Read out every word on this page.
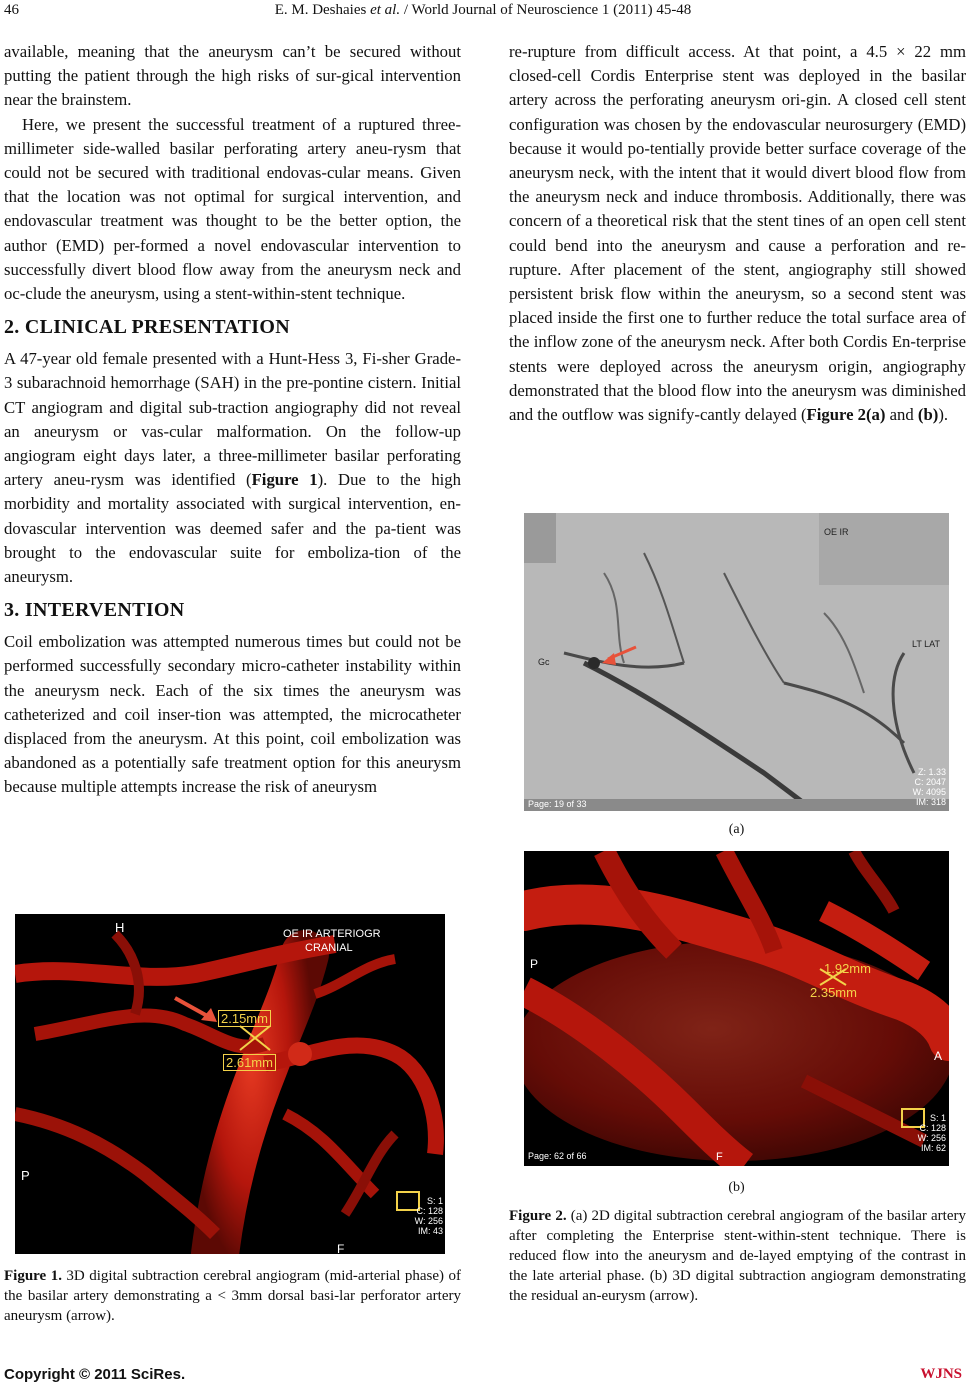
46	E. M. Deshaies et al. / World Journal of Neuroscience 1 (2011) 45-48

available, meaning that the aneurysm can’t be secured without putting the patient through the high risks of sur-gical intervention near the brainstem.

Here, we present the successful treatment of a ruptured three-millimeter side-walled basilar perforating artery aneu-rysm that could not be secured with traditional endovas-cular means. Given that the location was not optimal for surgical intervention, and endovascular treatment was thought to be the better option, the author (EMD) per-formed a novel endovascular intervention to successfully divert blood flow away from the aneurysm neck and oc-clude the aneurysm, using a stent-within-stent technique.

2. CLINICAL PRESENTATION

A 47-year old female presented with a Hunt-Hess 3, Fi-sher Grade-3 subarachnoid hemorrhage (SAH) in the pre-pontine cistern. Initial CT angiogram and digital sub-traction angiography did not reveal an aneurysm or vas-cular malformation. On the follow-up angiogram eight days later, a three-millimeter basilar perforating artery aneu-rysm was identified (Figure 1). Due to the high morbidity and mortality associated with surgical intervention, en-dovascular intervention was deemed safer and the pa-tient was brought to the endovascular suite for emboliza-tion of the aneurysm.

3. INTERVENTION

Coil embolization was attempted numerous times but could not be performed successfully secondary micro-catheter instability within the aneurysm neck. Each of the six times the aneurysm was catheterized and coil inser-tion was attempted, the microcatheter displaced from the aneurysm. At this point, coil embolization was abandoned as a potentially safe treatment option for this aneurysm because multiple attempts increase the risk of aneurysm

H	OE IR ARTERIOGR
CRANIAL
2.15mm
2.61mm
P
F
S: 1
C: 128
W: 256
IM: 43
Figure 1. 3D digital subtraction cerebral angiogram (mid-arterial phase) of the basilar artery demonstrating a < 3mm dorsal basi-lar perforator artery aneurysm (arrow).

re-rupture from difficult access. At that point, a 4.5 × 22 mm closed-cell Cordis Enterprise stent was deployed in the basilar artery across the perforating aneurysm ori-gin. A closed cell stent configuration was chosen by the endovascular neurosurgery (EMD) because it would po-tentially provide better surface coverage of the aneurysm neck, with the intent that it would divert blood flow from the aneurysm neck and induce thrombosis. Additionally, there was concern of a theoretical risk that the stent tines of an open cell stent could bend into the aneurysm and cause a perforation and re-rupture. After placement of the stent, angiography still showed persistent brisk flow within the aneurysm, so a second stent was placed inside the first one to further reduce the total surface area of the inflow zone of the aneurysm neck. After both Cordis En-terprise stents were deployed across the aneurysm origin, angiography demonstrated that the blood flow into the aneurysm was diminished and the outflow was signify-cantly delayed (Figure 2(a) and (b)).

OE IR
LT LAT
Gc
Page: 19 of 33
Z: 1.33
C: 2047
W: 4095
IM: 318
(a)
1.92mm
2.35mm
P
A
F
Page: 62 of 66
S: 1
C: 128
W: 256
IM: 62
(b)
Figure 2. (a) 2D digital subtraction cerebral angiogram of the basilar artery after completing the Enterprise stent-within-stent technique. There is reduced flow into the aneurysm and de-layed emptying of the contrast in the late arterial phase. (b) 3D digital subtraction angiogram demonstrating the residual an-eurysm (arrow).
Copyright © 2011 SciRes.	WJNS
